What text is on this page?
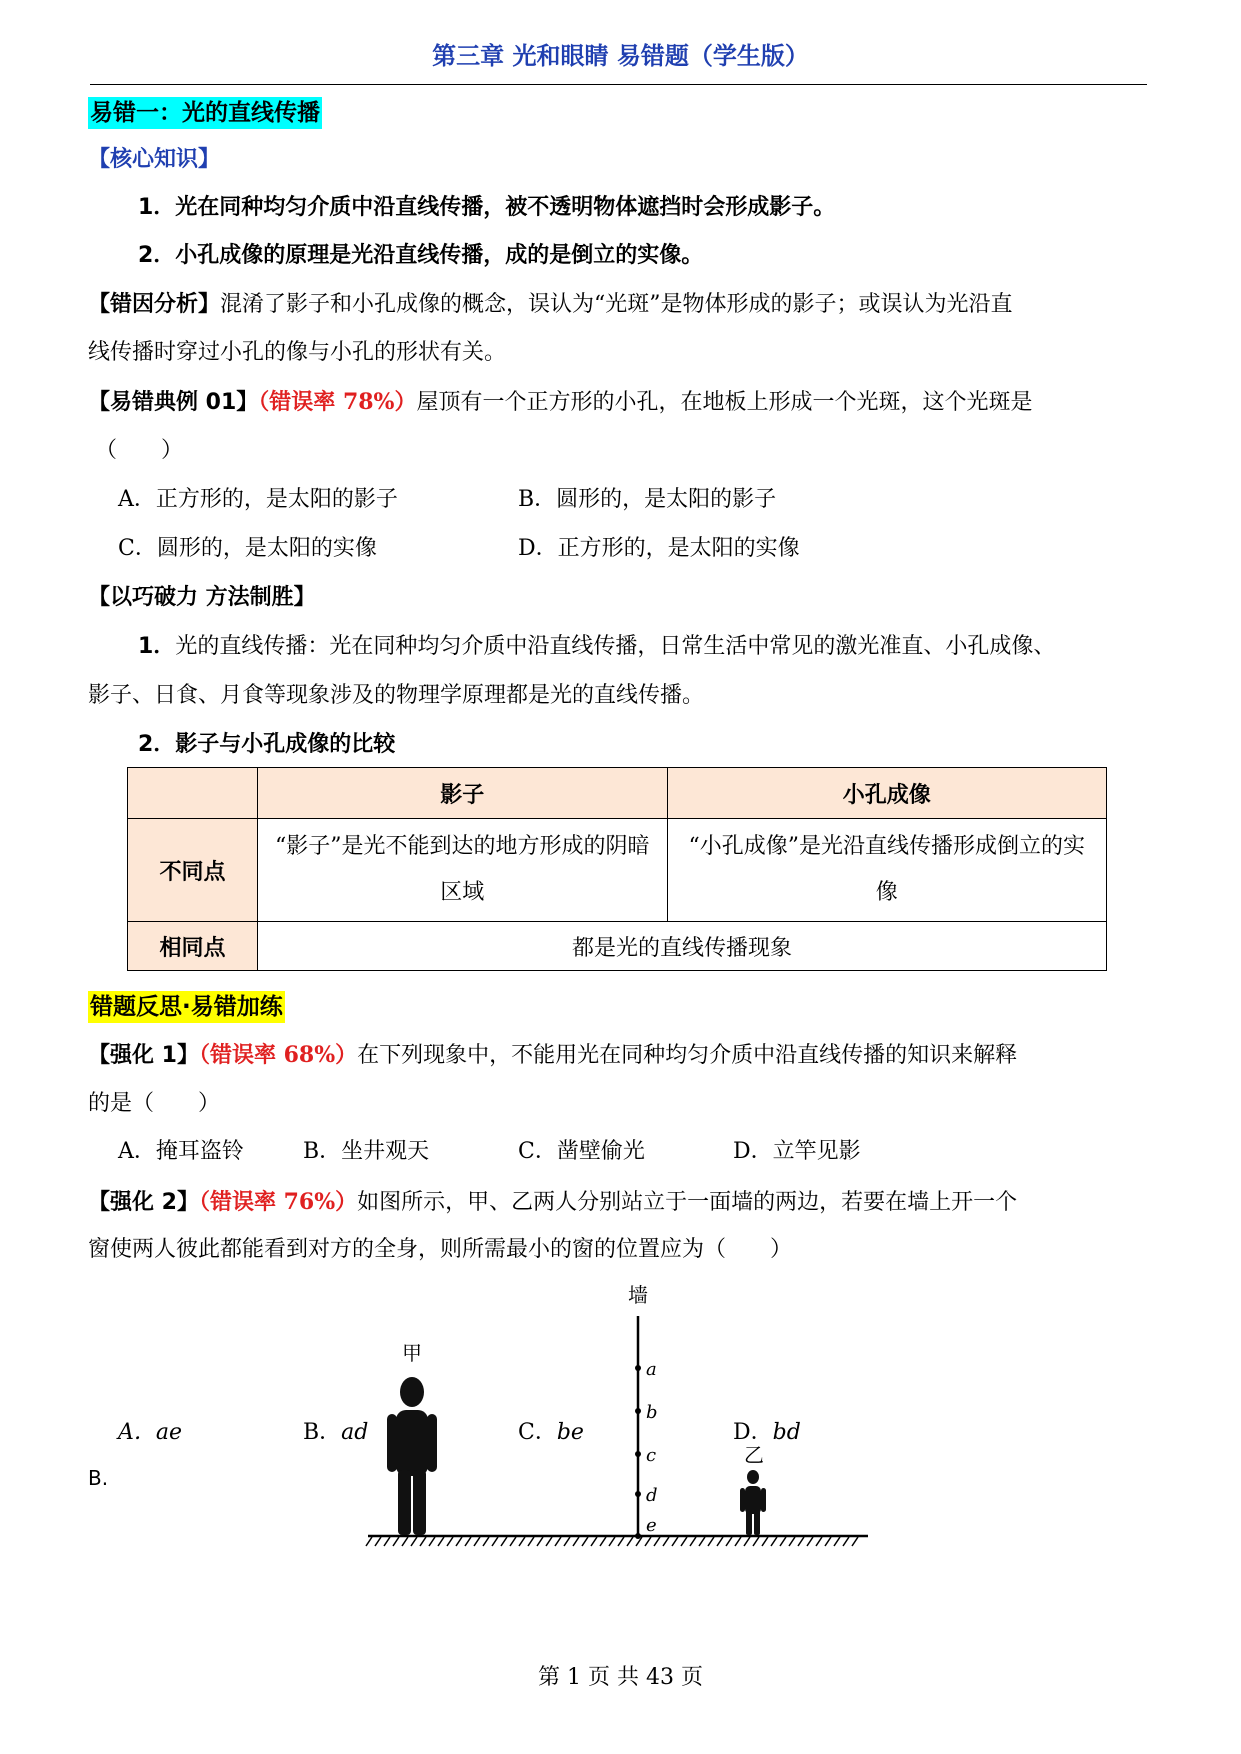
第三章 光和眼睛 易错题（学生版）
易错一：光的直线传播
【核心知识】
1．光在同种均匀介质中沿直线传播，被不透明物体遮挡时会形成影子。
2．小孔成像的原理是光沿直线传播，成的是倒立的实像。
【错因分析】混淆了影子和小孔成像的概念，误认为“光斑”是物体形成的影子；或误认为光沿直
线传播时穿过小孔的像与小孔的形状有关。
【易错典例 01】（错误率 78%）屋顶有一个正方形的小孔，在地板上形成一个光斑，这个光斑是
（　　）
A．正方形的，是太阳的影子	B．圆形的，是太阳的影子
C．圆形的，是太阳的实像	D．正方形的，是太阳的实像
【以巧破力 方法制胜】
1．光的直线传播：光在同种均匀介质中沿直线传播，日常生活中常见的激光准直、小孔成像、
影子、日食、月食等现象涉及的物理学原理都是光的直线传播。
2．影子与小孔成像的比较
	影子	小孔成像
不同点	“影子”是光不能到达的地方形成的阴暗区域	“小孔成像”是光沿直线传播形成倒立的实像

相同点	都是光的直线传播现象	
错题反思·易错加练
【强化 1】（错误率 68%）在下列现象中，不能用光在同种均匀介质中沿直线传播的知识来解释
的是（　　）
A．掩耳盗铃	B．坐井观天	C．凿壁偷光	D．立竿见影
【强化 2】（错误率 76%）如图所示，甲、乙两人分别站立于一面墙的两边，若要在墙上开一个
窗使两人彼此都能看到对方的全身，则所需最小的窗的位置应为（　　）
墙
a
b
c
d
e
甲
乙
A．ae	B．ad	C．be	D．bd
B.
第 1 页 共 43 页
